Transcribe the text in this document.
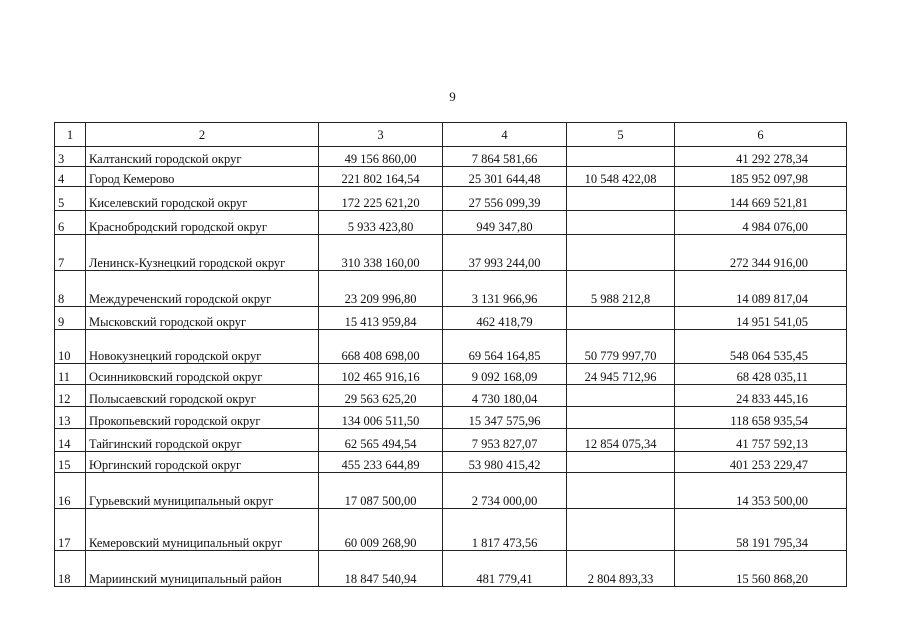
9
1	2	3	4	5	6
3	Калтанский городской округ	49 156 860,00	7 864 581,66		41 292 278,34
4	Город Кемерово	221 802 164,54	25 301 644,48	10 548 422,08	185 952 097,98
5	Киселевский городской округ	172 225 621,20	27 556 099,39		144 669 521,81
6	Краснобродский городской округ	5 933 423,80	949 347,80		4 984 076,00
7	Ленинск-Кузнецкий городской округ	310 338 160,00	37 993 244,00		272 344 916,00
8	Междуреченский городской округ	23 209 996,80	3 131 966,96	5 988 212,8	14 089 817,04
9	Мысковский городской округ	15 413 959,84	462 418,79		14 951 541,05
10	Новокузнецкий городской округ	668 408 698,00	69 564 164,85	50 779 997,70	548 064 535,45
11	Осинниковский городской округ	102 465 916,16	9 092 168,09	24 945 712,96	68 428 035,11
12	Полысаевский городской округ	29 563 625,20	4 730 180,04		24 833 445,16
13	Прокопьевский городской округ	134 006 511,50	15 347 575,96		118 658 935,54
14	Тайгинский городской округ	62 565 494,54	7 953 827,07	12 854 075,34	41 757 592,13
15	Юргинский городской округ	455 233 644,89	53 980 415,42		401 253 229,47
16	Гурьевский муниципальный округ	17 087 500,00	2 734 000,00		14 353 500,00
17	Кемеровский муниципальный округ	60 009 268,90	1 817 473,56		58 191 795,34
18	Мариинский муниципальный район	18 847 540,94	481 779,41	2 804 893,33	15 560 868,20
